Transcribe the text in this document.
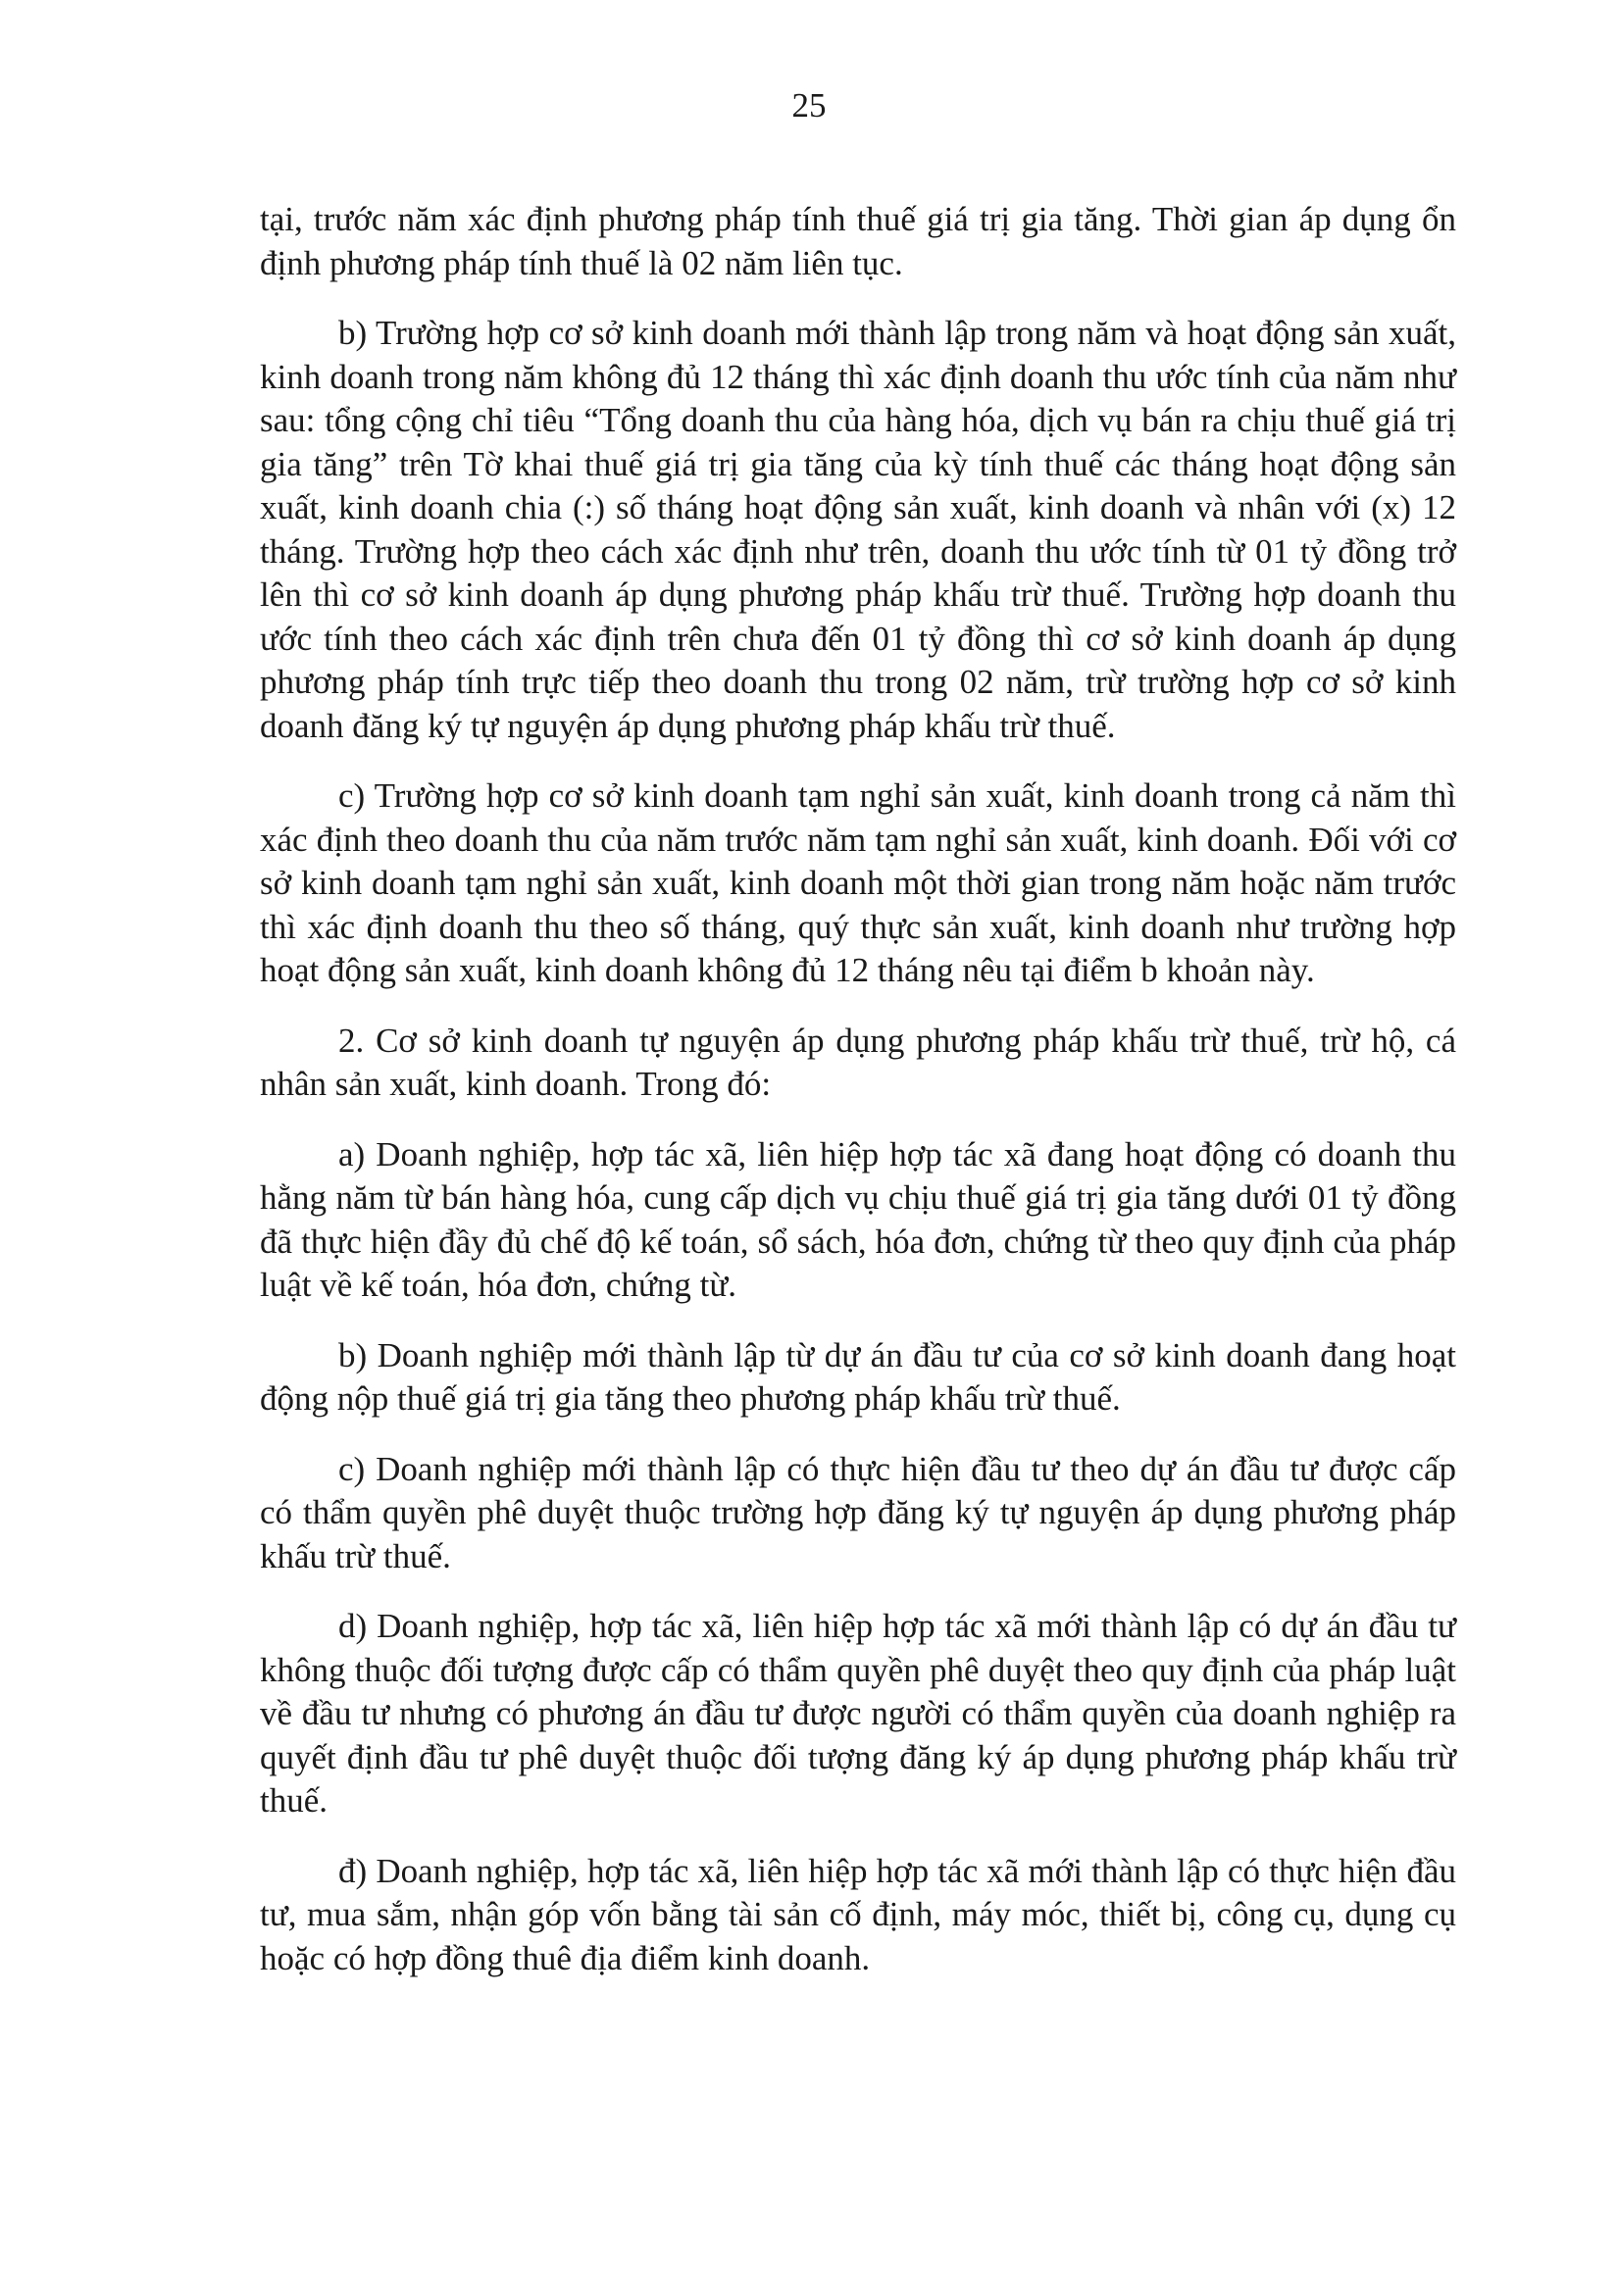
25

tại, trước năm xác định phương pháp tính thuế giá trị gia tăng. Thời gian áp dụng ổn định phương pháp tính thuế là 02 năm liên tục.

b) Trường hợp cơ sở kinh doanh mới thành lập trong năm và hoạt động sản xuất, kinh doanh trong năm không đủ 12 tháng thì xác định doanh thu ước tính của năm như sau: tổng cộng chỉ tiêu “Tổng doanh thu của hàng hóa, dịch vụ bán ra chịu thuế giá trị gia tăng” trên Tờ khai thuế giá trị gia tăng của kỳ tính thuế các tháng hoạt động sản xuất, kinh doanh chia (:) số tháng hoạt động sản xuất, kinh doanh và nhân với (x) 12 tháng. Trường hợp theo cách xác định như trên, doanh thu ước tính từ 01 tỷ đồng trở lên thì cơ sở kinh doanh áp dụng phương pháp khấu trừ thuế. Trường hợp doanh thu ước tính theo cách xác định trên chưa đến 01 tỷ đồng thì cơ sở kinh doanh áp dụng phương pháp tính trực tiếp theo doanh thu trong 02 năm, trừ trường hợp cơ sở kinh doanh đăng ký tự nguyện áp dụng phương pháp khấu trừ thuế.

c) Trường hợp cơ sở kinh doanh tạm nghỉ sản xuất, kinh doanh trong cả năm thì xác định theo doanh thu của năm trước năm tạm nghỉ sản xuất, kinh doanh. Đối với cơ sở kinh doanh tạm nghỉ sản xuất, kinh doanh một thời gian trong năm hoặc năm trước thì xác định doanh thu theo số tháng, quý thực sản xuất, kinh doanh như trường hợp hoạt động sản xuất, kinh doanh không đủ 12 tháng nêu tại điểm b khoản này.

2. Cơ sở kinh doanh tự nguyện áp dụng phương pháp khấu trừ thuế, trừ hộ, cá nhân sản xuất, kinh doanh. Trong đó:

a) Doanh nghiệp, hợp tác xã, liên hiệp hợp tác xã đang hoạt động có doanh thu hằng năm từ bán hàng hóa, cung cấp dịch vụ chịu thuế giá trị gia tăng dưới 01 tỷ đồng đã thực hiện đầy đủ chế độ kế toán, sổ sách, hóa đơn, chứng từ theo quy định của pháp luật về kế toán, hóa đơn, chứng từ.

b) Doanh nghiệp mới thành lập từ dự án đầu tư của cơ sở kinh doanh đang hoạt động nộp thuế giá trị gia tăng theo phương pháp khấu trừ thuế.

c) Doanh nghiệp mới thành lập có thực hiện đầu tư theo dự án đầu tư được cấp có thẩm quyền phê duyệt thuộc trường hợp đăng ký tự nguyện áp dụng phương pháp khấu trừ thuế.

d) Doanh nghiệp, hợp tác xã, liên hiệp hợp tác xã mới thành lập có dự án đầu tư không thuộc đối tượng được cấp có thẩm quyền phê duyệt theo quy định của pháp luật về đầu tư nhưng có phương án đầu tư được người có thẩm quyền của doanh nghiệp ra quyết định đầu tư phê duyệt thuộc đối tượng đăng ký áp dụng phương pháp khấu trừ thuế.

đ) Doanh nghiệp, hợp tác xã, liên hiệp hợp tác xã mới thành lập có thực hiện đầu tư, mua sắm, nhận góp vốn bằng tài sản cố định, máy móc, thiết bị, công cụ, dụng cụ hoặc có hợp đồng thuê địa điểm kinh doanh.
